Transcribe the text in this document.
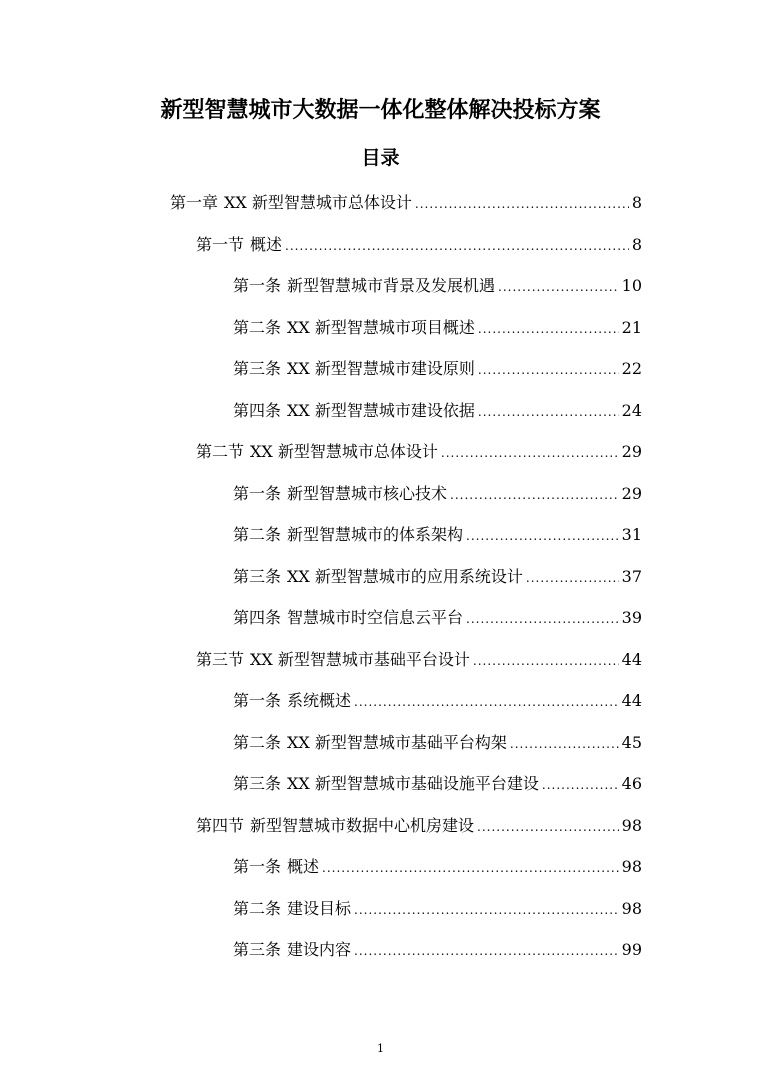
新型智慧城市大数据一体化整体解决投标方案
目录
第一章 XX 新型智慧城市总体设计 .....	8
第一节 概述 .....	8
第一条 新型智慧城市背景及发展机遇 .....	10
第二条 XX 新型智慧城市项目概述 .....	21
第三条 XX 新型智慧城市建设原则 .....	22
第四条 XX 新型智慧城市建设依据 .....	24
第二节 XX 新型智慧城市总体设计 .....	29
第一条 新型智慧城市核心技术 .....	29
第二条 新型智慧城市的体系架构 .....	31
第三条 XX 新型智慧城市的应用系统设计 .....	37
第四条 智慧城市时空信息云平台 .....	39
第三节 XX 新型智慧城市基础平台设计 .....	44
第一条 系统概述 .....	44
第二条 XX 新型智慧城市基础平台构架 .....	45
第三条 XX 新型智慧城市基础设施平台建设 .....	46
第四节 新型智慧城市数据中心机房建设 .....	98
第一条 概述 .....	98
第二条 建设目标 .....	98
第三条 建设内容 .....	99
1
